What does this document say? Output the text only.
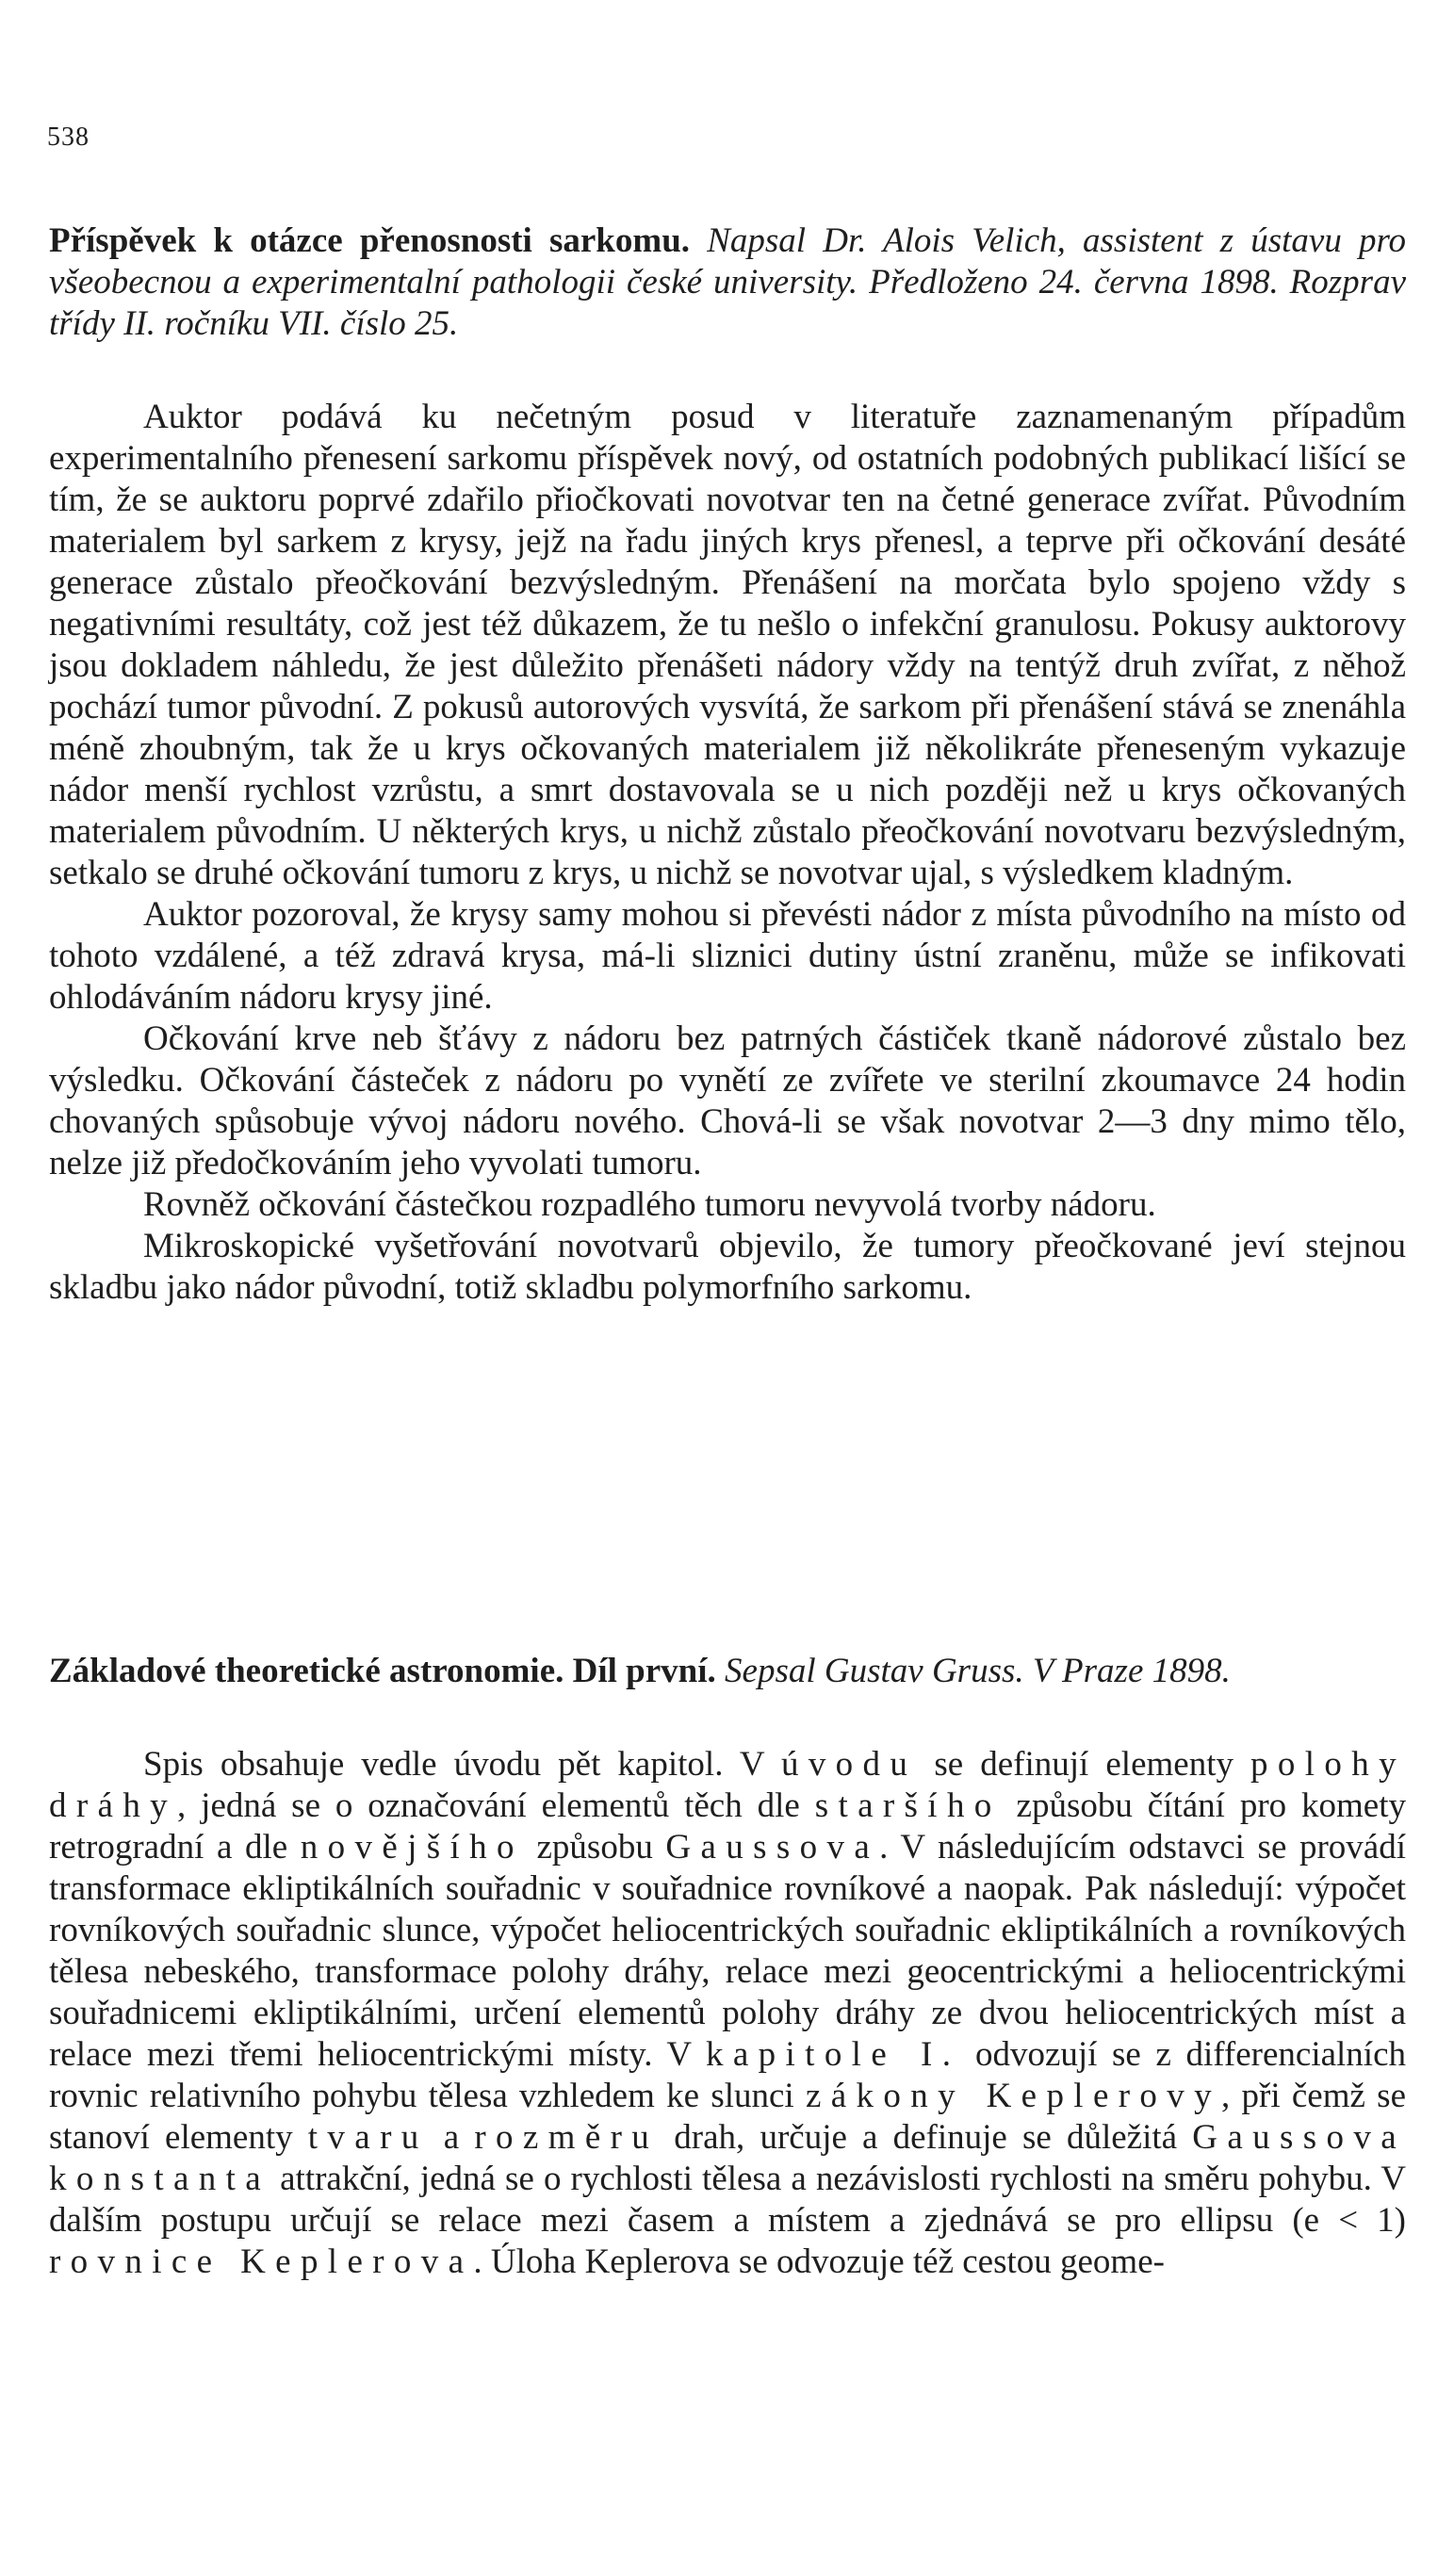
538

Příspěvek k otázce přenosnosti sarkomu. Napsal Dr. Alois Velich, assistent z ústavu pro všeobecnou a experimentalní pathologii české university. Předloženo 24. června 1898. Rozprav třídy II. ročníku VII. číslo 25.

Auktor podává ku nečetným posud v literatuře zaznamenaným případům experimentalního přenesení sarkomu příspěvek nový, od ostatních podobných publikací lišící se tím, že se auktoru poprvé zdařilo přiočkovati novotvar ten na četné generace zvířat. Původním materialem byl sarkem z krysy, jejž na řadu jiných krys přenesl, a teprve při očkování desáté generace zůstalo přeočkování bezvýsledným. Přenášení na morčata bylo spojeno vždy s negativními resultáty, což jest též důkazem, že tu nešlo o infekční granulosu. Pokusy auktorovy jsou dokladem náhledu, že jest důležito přenášeti nádory vždy na tentýž druh zvířat, z něhož pochází tumor původní. Z pokusů autorových vysvítá, že sarkom při přenášení stává se znenáhla méně zhoubným, tak že u krys očkovaných materialem již několikráte přeneseným vykazuje nádor menší rychlost vzrůstu, a smrt dostavovala se u nich později než u krys očkovaných materialem původním. U některých krys, u nichž zůstalo přeočkování novotvaru bezvýsledným, setkalo se druhé očkování tumoru z krys, u nichž se novotvar ujal, s výsledkem kladným.

Auktor pozoroval, že krysy samy mohou si převésti nádor z místa původního na místo od tohoto vzdálené, a též zdravá krysa, má-li sliznici dutiny ústní zraněnu, může se infikovati ohlodáváním nádoru krysy jiné.

Očkování krve neb šťávy z nádoru bez patrných částiček tkaně nádorové zůstalo bez výsledku. Očkování částeček z nádoru po vynětí ze zvířete ve sterilní zkoumavce 24 hodin chovaných spůsobuje vývoj nádoru nového. Chová-li se však novotvar 2—3 dny mimo tělo, nelze již předočkováním jeho vyvolati tumoru.

Rovněž očkování částečkou rozpadlého tumoru nevyvolá tvorby nádoru.

Mikroskopické vyšetřování novotvarů objevilo, že tumory přeočkované jeví stejnou skladbu jako nádor původní, totiž skladbu polymorfního sarkomu.

Základové theoretické astronomie. Díl první. Sepsal Gustav Gruss. V Praze 1898.

Spis obsahuje vedle úvodu pět kapitol. V úvodu se definují elementy polohy dráhy, jedná se o označování elementů těch dle staršího způsobu čítání pro komety retrogradní a dle novějšího způsobu Gaussova. V následujícím odstavci se provádí transformace ekliptikálních souřadnic v souřadnice rovníkové a naopak. Pak následují: výpočet rovníkových souřadnic slunce, výpočet heliocentrických souřadnic ekliptikálních a rovníkových tělesa nebeského, transformace polohy dráhy, relace mezi geocentrickými a heliocentrickými souřadnicemi ekliptikálními, určení elementů polohy dráhy ze dvou heliocentrických míst a relace mezi třemi heliocentrickými místy. V kapitole I. odvozují se z differencialních rovnic relativního pohybu tělesa vzhledem ke slunci zákony Keplerovy, při čemž se stanoví elementy tvaru a rozměru drah, určuje a definuje se důležitá Gaussova konstanta attrakční, jedná se o rychlosti tělesa a nezávislosti rychlosti na směru pohybu. V dalším postupu určují se relace mezi časem a místem a zjednává se pro ellipsu (e < 1) rovnice Keplerova. Úloha Keplerova se odvozuje též cestou geome-
